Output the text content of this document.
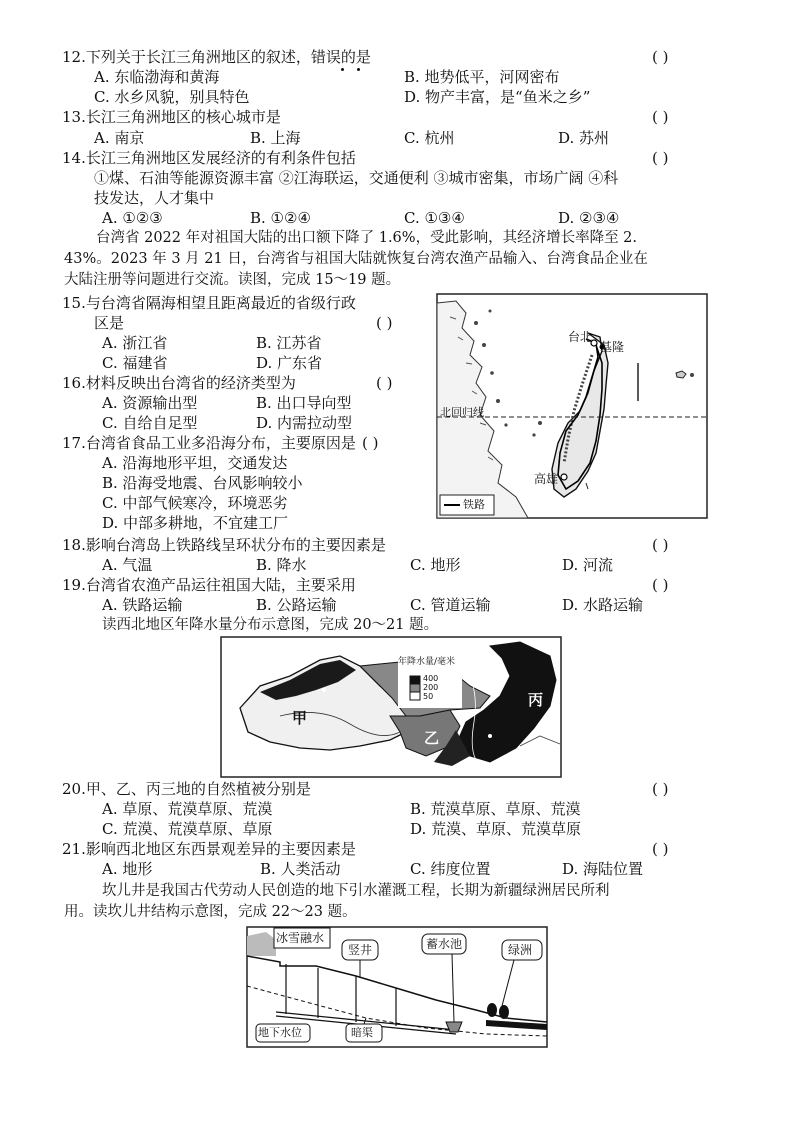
12.下列关于长江三角洲地区的叙述，错误的是	( )
A. 东临渤海和黄海	B. 地势低平，河网密布
C. 水乡风貌，别具特色	D. 物产丰富，是“鱼米之乡”
13.长江三角洲地区的核心城市是	( )
A. 南京	B. 上海	C. 杭州	D. 苏州
14.长江三角洲地区发展经济的有利条件包括	( )
①煤、石油等能源资源丰富 ②江海联运，交通便利 ③城市密集，市场广阔 ④科
技发达，人才集中
A. ①②③	B. ①②④	C. ①③④	D. ②③④
台湾省 2022 年对祖国大陆的出口额下降了 1.6%，受此影响，其经济增长率降至 2.
43%。2023 年 3 月 21 日，台湾省与祖国大陆就恢复台湾农渔产品输入、台湾食品企业在
大陆注册等问题进行交流。读图，完成 15～19 题。
15.与台湾省隔海相望且距离最近的省级行政
区是	( )
A. 浙江省	B. 江苏省
C. 福建省	D. 广东省
16.材料反映出台湾省的经济类型为	( )
A. 资源输出型	B. 出口导向型
C. 自给自足型	D. 内需拉动型
17.台湾省食品工业多沿海分布，主要原因是 ( )
A. 沿海地形平坦，交通发达
B. 沿海受地震、台风影响较小
C. 中部气候寒冷，环境恶劣
D. 中部多耕地，不宜建工厂
台北
基隆
北回归线
高雄
铁路
18.影响台湾岛上铁路线呈环状分布的主要因素是	( )
A. 气温	B. 降水	C. 地形	D. 河流
19.台湾省农渔产品运往祖国大陆，主要采用	( )
A. 铁路运输	B. 公路运输	C. 管道运输	D. 水路运输
读西北地区年降水量分布示意图，完成 20～21 题。
年降水量/毫米
400
200
50
甲
乙
丙
20.甲、乙、丙三地的自然植被分别是	( )
A. 草原、荒漠草原、荒漠	B. 荒漠草原、草原、荒漠
C. 荒漠、荒漠草原、草原	D. 荒漠、草原、荒漠草原
21.影响西北地区东西景观差异的主要因素是	( )
A. 地形	B. 人类活动	C. 纬度位置	D. 海陆位置
坎儿井是我国古代劳动人民创造的地下引水灌溉工程，长期为新疆绿洲居民所利
用。读坎儿井结构示意图，完成 22～23 题。
冰雪融水
竖井	蓄水池	绿洲
地下水位	暗渠
